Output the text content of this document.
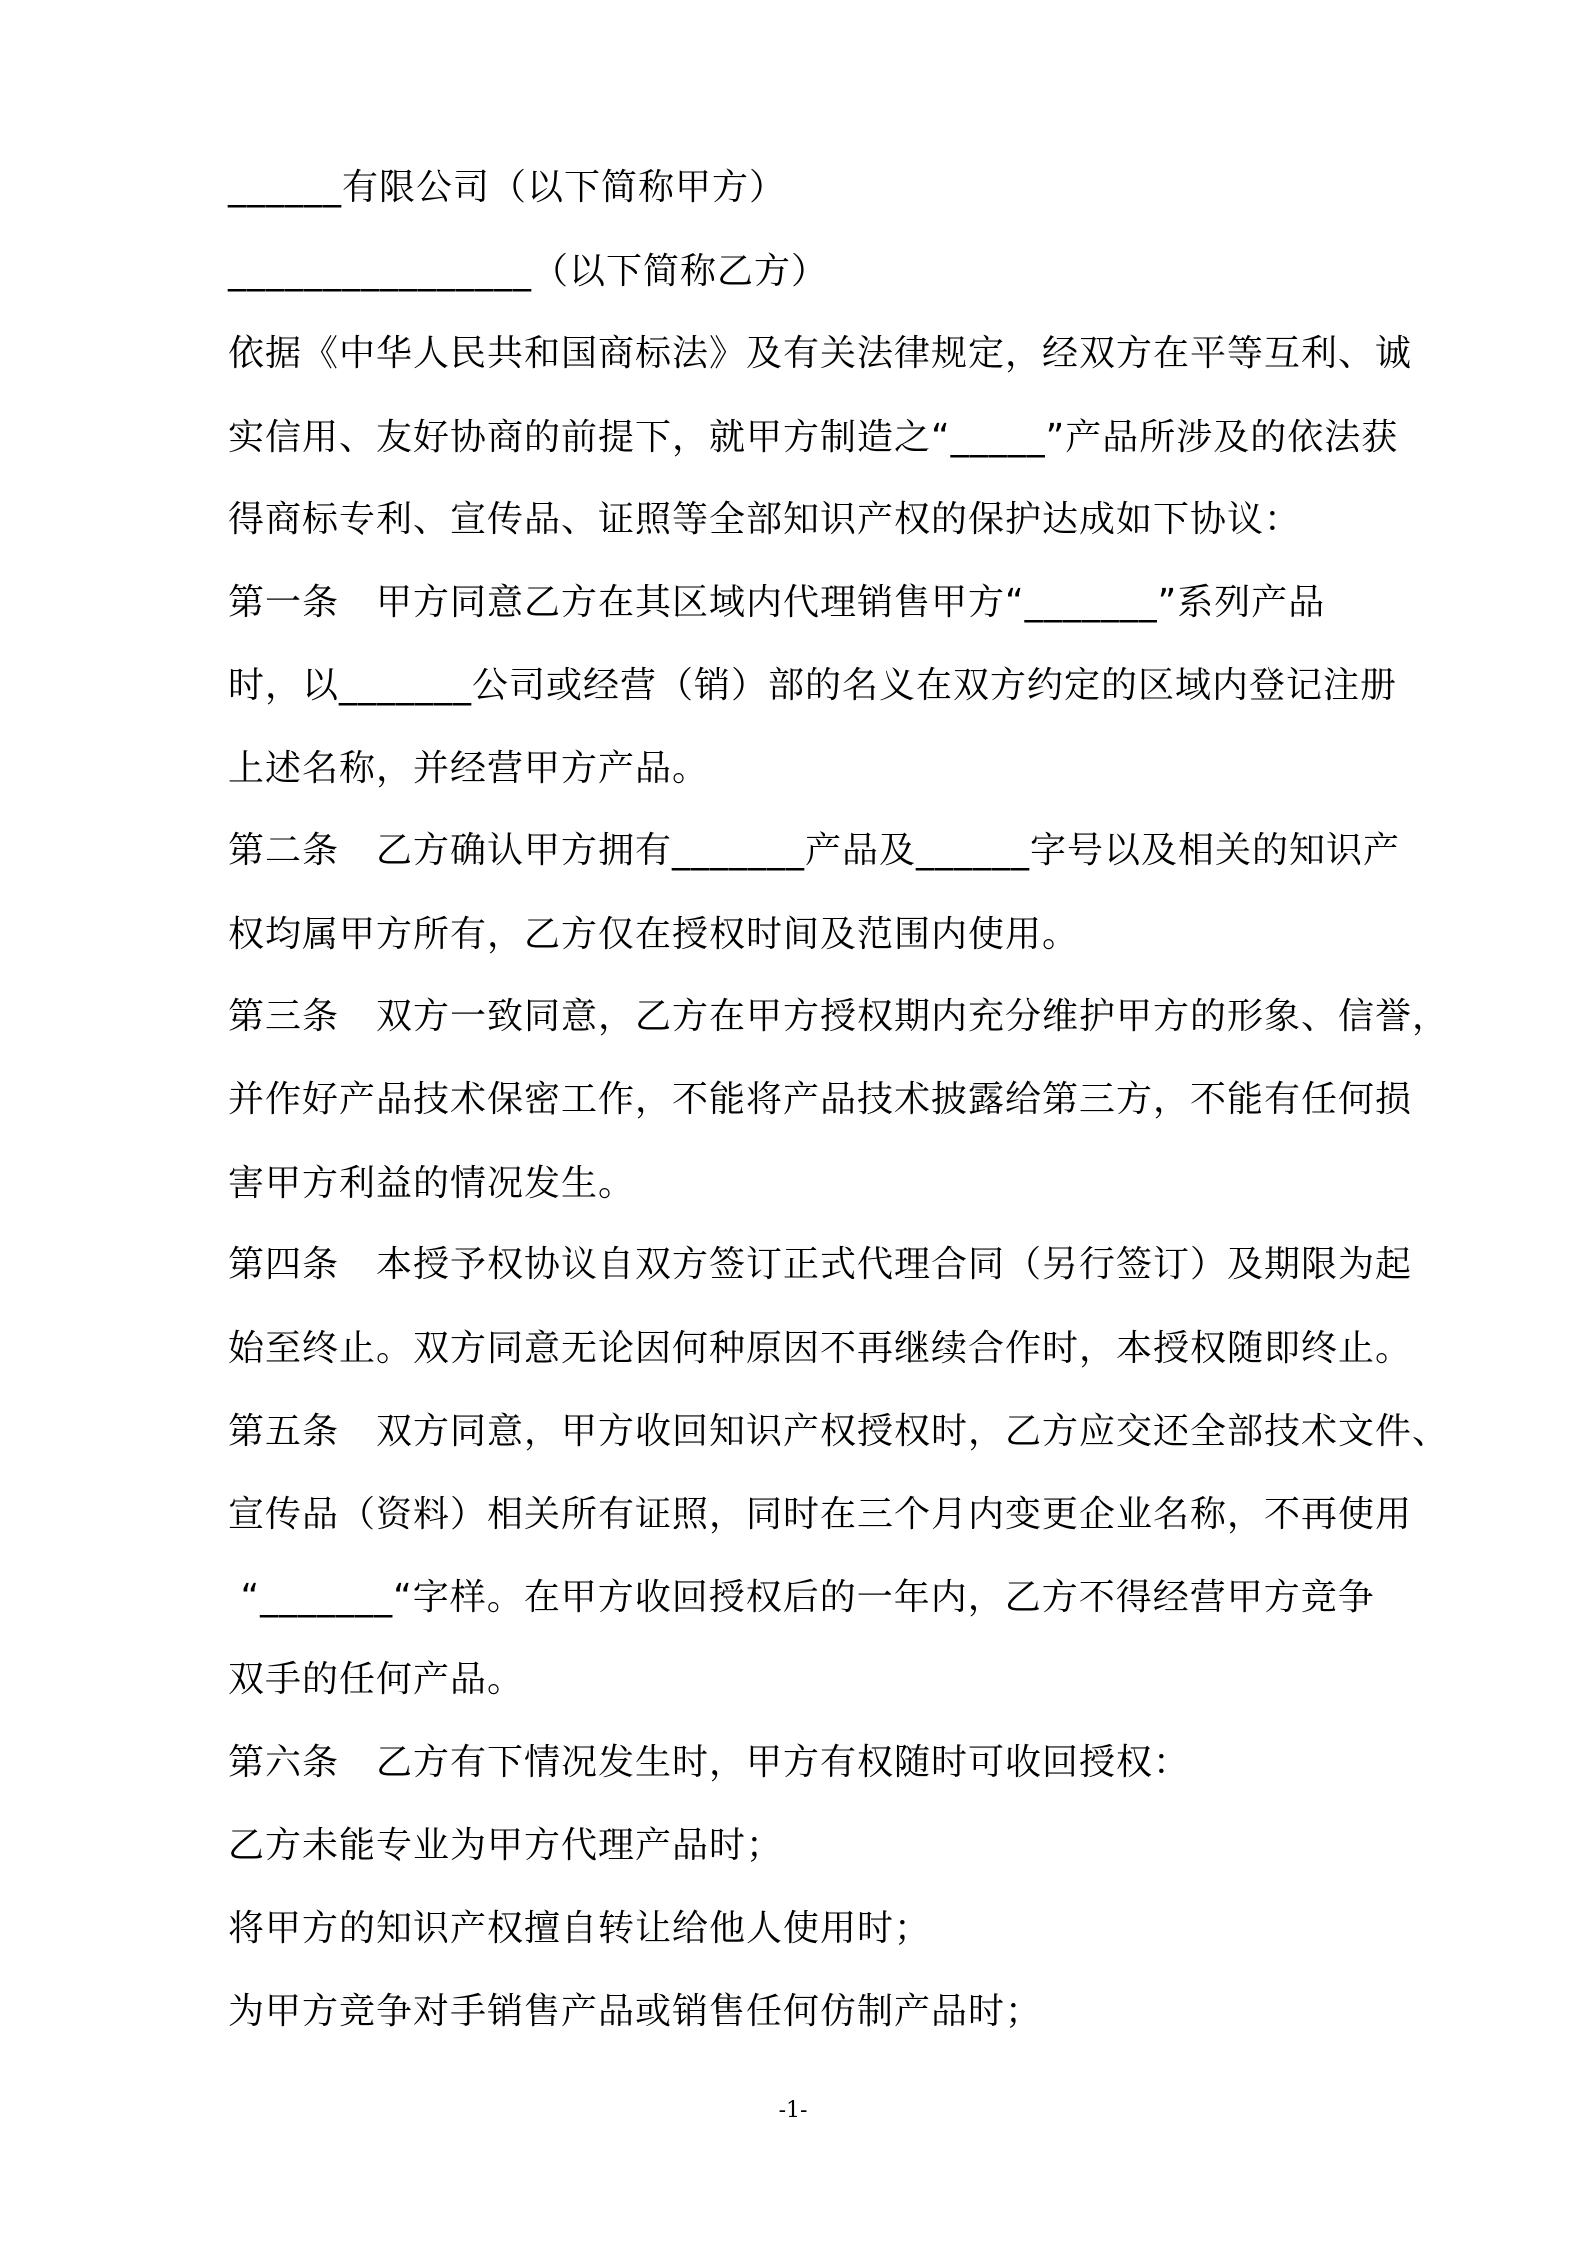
______有限公司（以下简称甲方）
________________（以下简称乙方）
依据《中华人民共和国商标法》及有关法律规定，经双方在平等互利、诚
实信用、友好协商的前提下，就甲方制造之“_____”产品所涉及的依法获
得商标专利、宣传品、证照等全部知识产权的保护达成如下协议：
第一条　甲方同意乙方在其区域内代理销售甲方“_______”系列产品
时，以_______公司或经营（销）部的名义在双方约定的区域内登记注册
上述名称，并经营甲方产品。
第二条　乙方确认甲方拥有_______产品及______字号以及相关的知识产
权均属甲方所有，乙方仅在授权时间及范围内使用。
第三条　双方一致同意，乙方在甲方授权期内充分维护甲方的形象、信誉，
并作好产品技术保密工作，不能将产品技术披露给第三方，不能有任何损
害甲方利益的情况发生。
第四条　本授予权协议自双方签订正式代理合同（另行签订）及期限为起
始至终止。双方同意无论因何种原因不再继续合作时，本授权随即终止。
第五条　双方同意，甲方收回知识产权授权时，乙方应交还全部技术文件、
宣传品（资料）相关所有证照，同时在三个月内变更企业名称，不再使用
“_______“字样。在甲方收回授权后的一年内，乙方不得经营甲方竞争
双手的任何产品。
第六条　乙方有下情况发生时，甲方有权随时可收回授权：
乙方未能专业为甲方代理产品时；
将甲方的知识产权擅自转让给他人使用时；
为甲方竞争对手销售产品或销售任何仿制产品时；
-1-
